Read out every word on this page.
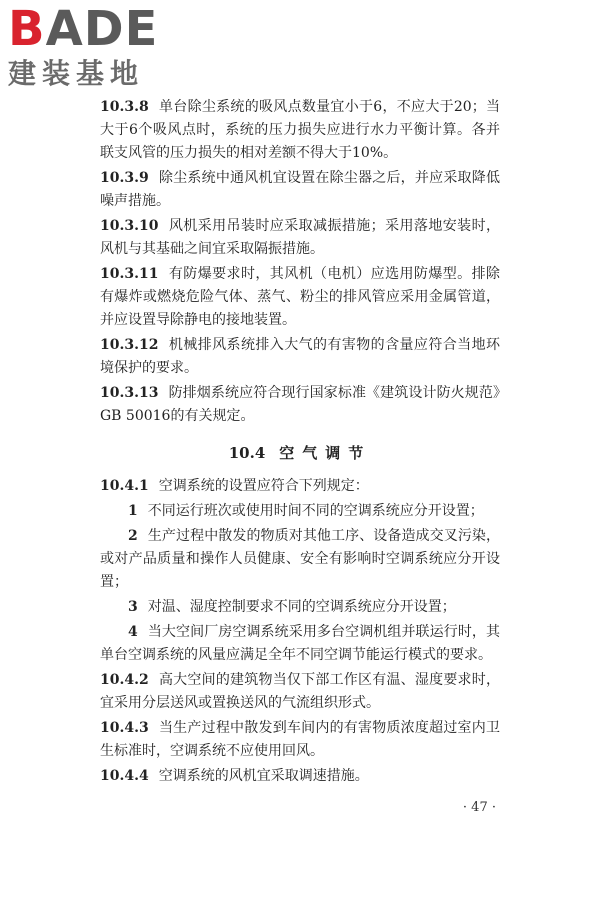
BADE
建装基地

10.3.8 单台除尘系统的吸风点数量宜小于6，不应大于20；当大于6个吸风点时，系统的压力损失应进行水力平衡计算。各并联支风管的压力损失的相对差额不得大于10%。

10.3.9 除尘系统中通风机宜设置在除尘器之后，并应采取降低噪声措施。

10.3.10 风机采用吊装时应采取减振措施；采用落地安装时，风机与其基础之间宜采取隔振措施。

10.3.11 有防爆要求时，其风机（电机）应选用防爆型。排除有爆炸或燃烧危险气体、蒸气、粉尘的排风管应采用金属管道，并应设置导除静电的接地装置。

10.3.12 机械排风系统排入大气的有害物的含量应符合当地环境保护的要求。

10.3.13 防排烟系统应符合现行国家标准《建筑设计防火规范》GB 50016的有关规定。

10.4 空气调节

10.4.1 空调系统的设置应符合下列规定：

1 不同运行班次或使用时间不同的空调系统应分开设置；

2 生产过程中散发的物质对其他工序、设备造成交叉污染，或对产品质量和操作人员健康、安全有影响时空调系统应分开设置；

3 对温、湿度控制要求不同的空调系统应分开设置；

4 当大空间厂房空调系统采用多台空调机组并联运行时，其单台空调系统的风量应满足全年不同空调节能运行模式的要求。

10.4.2 高大空间的建筑物当仅下部工作区有温、湿度要求时，宜采用分层送风或置换送风的气流组织形式。

10.4.3 当生产过程中散发到车间内的有害物质浓度超过室内卫生标准时，空调系统不应使用回风。

10.4.4 空调系统的风机宜采取调速措施。

· 47 ·
